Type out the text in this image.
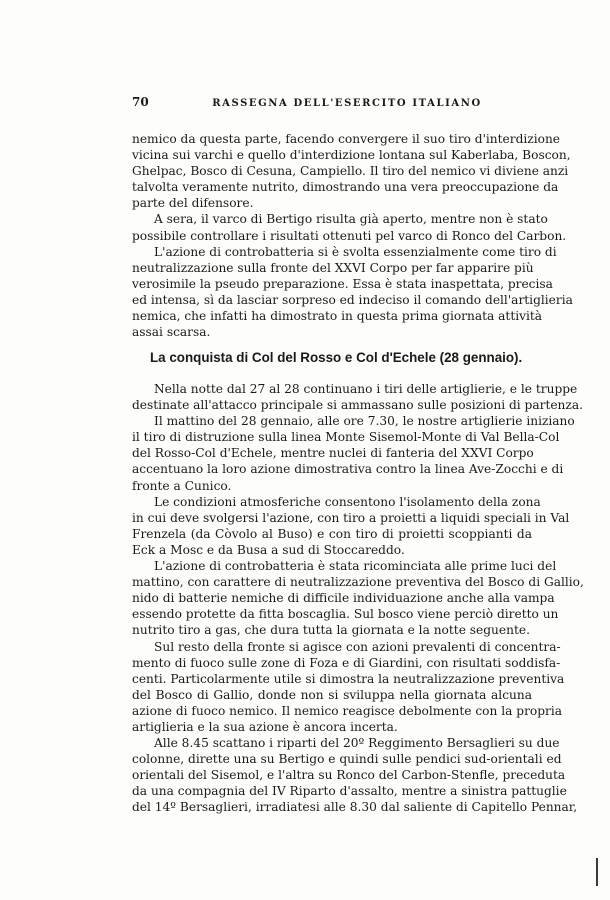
70	RASSEGNA DELL'ESERCITO ITALIANO
nemico da questa parte, facendo convergere il suo tiro d'interdizione
vicina sui varchi e quello d'interdizione lontana sul Kaberlaba, Boscon,
Ghelpac, Bosco di Cesuna, Campiello. Il tiro del nemico vi diviene anzi
talvolta veramente nutrito, dimostrando una vera preoccupazione da
parte del difensore.
A sera, il varco di Bertigo risulta già aperto, mentre non è stato
possibile controllare i risultati ottenuti pel varco di Ronco del Carbon.
L'azione di controbatteria si è svolta essenzialmente come tiro di
neutralizzazione sulla fronte del XXVI Corpo per far apparire più
verosimile la pseudo preparazione. Essa è stata inaspettata, precisa
ed intensa, sì da lasciar sorpreso ed indeciso il comando dell'artiglieria
nemica, che infatti ha dimostrato in questa prima giornata attività
assai scarsa.
La conquista di Col del Rosso e Col d'Echele (28 gennaio).
Nella notte dal 27 al 28 continuano i tiri delle artiglierie, e le truppe
destinate all'attacco principale si ammassano sulle posizioni di partenza.
Il mattino del 28 gennaio, alle ore 7.30, le nostre artiglierie iniziano
il tiro di distruzione sulla linea Monte Sisemol-Monte di Val Bella-Col
del Rosso-Col d'Echele, mentre nuclei di fanteria del XXVI Corpo
accentuano la loro azione dimostrativa contro la linea Ave-Zocchi e di
fronte a Cunico.
Le condizioni atmosferiche consentono l'isolamento della zona
in cui deve svolgersi l'azione, con tiro a proietti a liquidi speciali in Val
Frenzela (da Còvolo al Buso) e con tiro di proietti scoppianti da
Eck a Mosc e da Busa a sud di Stoccareddo.
L'azione di controbatteria è stata ricominciata alle prime luci del
mattino, con carattere di neutralizzazione preventiva del Bosco di Gallio,
nido di batterie nemiche di difficile individuazione anche alla vampa
essendo protette da fitta boscaglia. Sul bosco viene perciò diretto un
nutrito tiro a gas, che dura tutta la giornata e la notte seguente.
Sul resto della fronte si agisce con azioni prevalenti di concentra-
mento di fuoco sulle zone di Foza e di Giardini, con risultati soddisfa-
centi. Particolarmente utile si dimostra la neutralizzazione preventiva
del Bosco di Gallio, donde non si sviluppa nella giornata alcuna
azione di fuoco nemico. Il nemico reagisce debolmente con la propria
artiglieria e la sua azione è ancora incerta.
Alle 8.45 scattano i riparti del 20º Reggimento Bersaglieri su due
colonne, dirette una su Bertigo e quindi sulle pendici sud-orientali ed
orientali del Sisemol, e l'altra su Ronco del Carbon-Stenfle, preceduta
da una compagnia del IV Riparto d'assalto, mentre a sinistra pattuglie
del 14º Bersaglieri, irradiatesi alle 8.30 dal saliente di Capitello Pennar,
